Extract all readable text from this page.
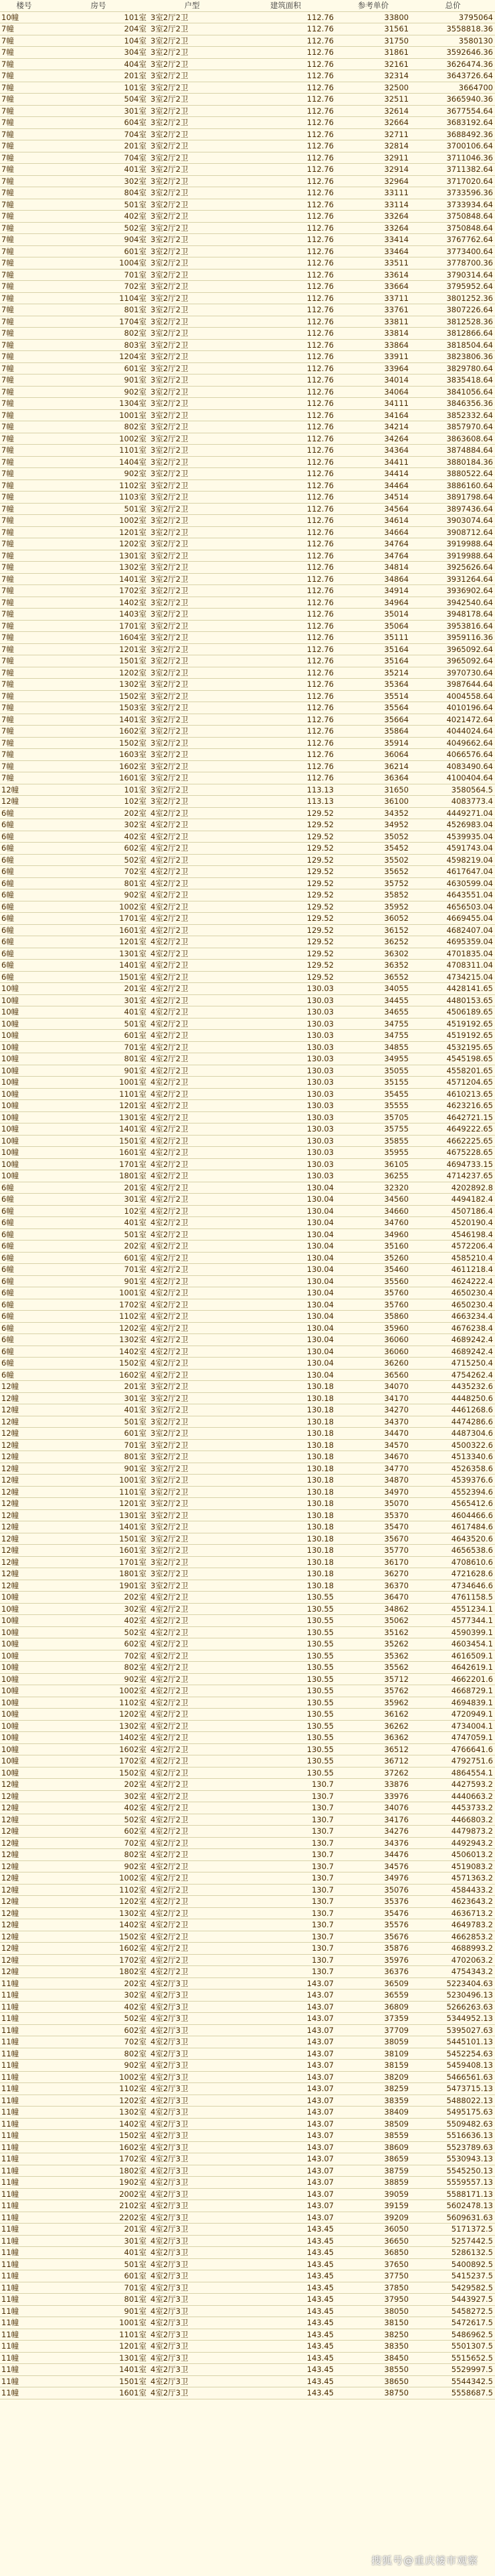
楼号	房号	户型	建筑面积	参考单价	总价
10幢	101室	3室2厅2卫	112.76	33800	3795064
7幢	204室	3室2厅2卫	112.76	31561	3558818.36
7幢	104室	3室2厅2卫	112.76	31750	3580130
7幢	304室	3室2厅2卫	112.76	31861	3592646.36
7幢	404室	3室2厅2卫	112.76	32161	3626474.36
7幢	201室	3室2厅2卫	112.76	32314	3643726.64
7幢	101室	3室2厅2卫	112.76	32500	3664700
7幢	504室	3室2厅2卫	112.76	32511	3665940.36
7幢	301室	3室2厅2卫	112.76	32614	3677554.64
7幢	604室	3室2厅2卫	112.76	32664	3683192.64
7幢	704室	3室2厅2卫	112.76	32711	3688492.36
7幢	201室	3室2厅2卫	112.76	32814	3700106.64
7幢	704室	3室2厅2卫	112.76	32911	3711046.36
7幢	401室	3室2厅2卫	112.76	32914	3711382.64
7幢	302室	3室2厅2卫	112.76	32964	3717020.64
7幢	804室	3室2厅2卫	112.76	33111	3733596.36
7幢	501室	3室2厅2卫	112.76	33114	3733934.64
7幢	402室	3室2厅2卫	112.76	33264	3750848.64
7幢	502室	3室2厅2卫	112.76	33264	3750848.64
7幢	904室	3室2厅2卫	112.76	33414	3767762.64
7幢	601室	3室2厅2卫	112.76	33464	3773400.64
7幢	1004室	3室2厅2卫	112.76	33511	3778700.36
7幢	701室	3室2厅2卫	112.76	33614	3790314.64
7幢	702室	3室2厅2卫	112.76	33664	3795952.64
7幢	1104室	3室2厅2卫	112.76	33711	3801252.36
7幢	801室	3室2厅2卫	112.76	33761	3807226.64
7幢	1704室	3室2厅2卫	112.76	33811	3812528.36
7幢	802室	3室2厅2卫	112.76	33814	3812866.64
7幢	803室	3室2厅2卫	112.76	33864	3818504.64
7幢	1204室	3室2厅2卫	112.76	33911	3823806.36
7幢	601室	3室2厅2卫	112.76	33964	3829780.64
7幢	901室	3室2厅2卫	112.76	34014	3835418.64
7幢	902室	3室2厅2卫	112.76	34064	3841056.64
7幢	1304室	3室2厅2卫	112.76	34111	3846356.36
7幢	1001室	3室2厅2卫	112.76	34164	3852332.64
7幢	802室	3室2厅2卫	112.76	34214	3857970.64
7幢	1002室	3室2厅2卫	112.76	34264	3863608.64
7幢	1101室	3室2厅2卫	112.76	34364	3874884.64
7幢	1404室	3室2厅2卫	112.76	34411	3880184.36
7幢	902室	3室2厅2卫	112.76	34414	3880522.64
7幢	1102室	3室2厅2卫	112.76	34464	3886160.64
7幢	1103室	3室2厅2卫	112.76	34514	3891798.64
7幢	501室	3室2厅2卫	112.76	34564	3897436.64
7幢	1002室	3室2厅2卫	112.76	34614	3903074.64
7幢	1201室	3室2厅2卫	112.76	34664	3908712.64
7幢	1202室	3室2厅2卫	112.76	34764	3919988.64
7幢	1301室	3室2厅2卫	112.76	34764	3919988.64
7幢	1302室	3室2厅2卫	112.76	34814	3925626.64
7幢	1401室	3室2厅2卫	112.76	34864	3931264.64
7幢	1702室	3室2厅2卫	112.76	34914	3936902.64
7幢	1402室	3室2厅2卫	112.76	34964	3942540.64
7幢	1403室	3室2厅2卫	112.76	35014	3948178.64
7幢	1701室	3室2厅2卫	112.76	35064	3953816.64
7幢	1604室	3室2厅2卫	112.76	35111	3959116.36
7幢	1201室	3室2厅2卫	112.76	35164	3965092.64
7幢	1501室	3室2厅2卫	112.76	35164	3965092.64
7幢	1202室	3室2厅2卫	112.76	35214	3970730.64
7幢	1302室	3室2厅2卫	112.76	35364	3987644.64
7幢	1502室	3室2厅2卫	112.76	35514	4004558.64
7幢	1503室	3室2厅2卫	112.76	35564	4010196.64
7幢	1401室	3室2厅2卫	112.76	35664	4021472.64
7幢	1602室	3室2厅2卫	112.76	35864	4044024.64
7幢	1502室	3室2厅2卫	112.76	35914	4049662.64
7幢	1603室	3室2厅2卫	112.76	36064	4066576.64
7幢	1602室	3室2厅2卫	112.76	36214	4083490.64
7幢	1601室	3室2厅2卫	112.76	36364	4100404.64
12幢	101室	3室2厅2卫	113.13	31650	3580564.5
12幢	102室	3室2厅2卫	113.13	36100	4083773.4
6幢	202室	4室2厅2卫	129.52	34352	4449271.04
6幢	302室	4室2厅2卫	129.52	34952	4526983.04
6幢	402室	4室2厅2卫	129.52	35052	4539935.04
6幢	602室	4室2厅2卫	129.52	35452	4591743.04
6幢	502室	4室2厅2卫	129.52	35502	4598219.04
6幢	702室	4室2厅2卫	129.52	35652	4617647.04
6幢	801室	4室2厅2卫	129.52	35752	4630599.04
6幢	902室	4室2厅2卫	129.52	35852	4643551.04
6幢	1002室	4室2厅2卫	129.52	35952	4656503.04
6幢	1701室	4室2厅2卫	129.52	36052	4669455.04
6幢	1601室	4室2厅2卫	129.52	36152	4682407.04
6幢	1201室	4室2厅2卫	129.52	36252	4695359.04
6幢	1301室	4室2厅2卫	129.52	36302	4701835.04
6幢	1401室	4室2厅2卫	129.52	36352	4708311.04
6幢	1501室	4室2厅2卫	129.52	36552	4734215.04
10幢	201室	4室2厅2卫	130.03	34055	4428141.65
10幢	301室	4室2厅2卫	130.03	34455	4480153.65
10幢	401室	4室2厅2卫	130.03	34655	4506189.65
10幢	501室	4室2厅2卫	130.03	34755	4519192.65
10幢	601室	4室2厅2卫	130.03	34755	4519192.65
10幢	701室	4室2厅2卫	130.03	34855	4532195.65
10幢	801室	4室2厅2卫	130.03	34955	4545198.65
10幢	901室	4室2厅2卫	130.03	35055	4558201.65
10幢	1001室	4室2厅2卫	130.03	35155	4571204.65
10幢	1101室	4室2厅2卫	130.03	35455	4610213.65
10幢	1201室	4室2厅2卫	130.03	35555	4623216.65
10幢	1301室	4室2厅2卫	130.03	35705	4642721.15
10幢	1401室	4室2厅2卫	130.03	35755	4649222.65
10幢	1501室	4室2厅2卫	130.03	35855	4662225.65
10幢	1601室	4室2厅2卫	130.03	35955	4675228.65
10幢	1701室	4室2厅2卫	130.03	36105	4694733.15
10幢	1801室	4室2厅2卫	130.03	36255	4714237.65
6幢	201室	4室2厅2卫	130.04	32320	4202892.8
6幢	301室	4室2厅2卫	130.04	34560	4494182.4
6幢	102室	4室2厅2卫	130.04	34660	4507186.4
6幢	401室	4室2厅2卫	130.04	34760	4520190.4
6幢	501室	4室2厅2卫	130.04	34960	4546198.4
6幢	202室	4室2厅2卫	130.04	35160	4572206.4
6幢	601室	4室2厅2卫	130.04	35260	4585210.4
6幢	701室	4室2厅2卫	130.04	35460	4611218.4
6幢	901室	4室2厅2卫	130.04	35560	4624222.4
6幢	1001室	4室2厅2卫	130.04	35760	4650230.4
6幢	1702室	4室2厅2卫	130.04	35760	4650230.4
6幢	1102室	4室2厅2卫	130.04	35860	4663234.4
6幢	1202室	4室2厅2卫	130.04	35960	4676238.4
6幢	1302室	4室2厅2卫	130.04	36060	4689242.4
6幢	1402室	4室2厅2卫	130.04	36060	4689242.4
6幢	1502室	4室2厅2卫	130.04	36260	4715250.4
6幢	1602室	4室2厅2卫	130.04	36560	4754262.4
12幢	201室	3室2厅2卫	130.18	34070	4435232.6
12幢	301室	3室2厅2卫	130.18	34170	4448250.6
12幢	401室	3室2厅2卫	130.18	34270	4461268.6
12幢	501室	3室2厅2卫	130.18	34370	4474286.6
12幢	601室	3室2厅2卫	130.18	34470	4487304.6
12幢	701室	3室2厅2卫	130.18	34570	4500322.6
12幢	801室	3室2厅2卫	130.18	34670	4513340.6
12幢	901室	3室2厅2卫	130.18	34770	4526358.6
12幢	1001室	3室2厅2卫	130.18	34870	4539376.6
12幢	1101室	3室2厅2卫	130.18	34970	4552394.6
12幢	1201室	3室2厅2卫	130.18	35070	4565412.6
12幢	1301室	3室2厅2卫	130.18	35370	4604466.6
12幢	1401室	3室2厅2卫	130.18	35470	4617484.6
12幢	1501室	3室2厅2卫	130.18	35670	4643520.6
12幢	1601室	3室2厅2卫	130.18	35770	4656538.6
12幢	1701室	3室2厅2卫	130.18	36170	4708610.6
12幢	1801室	3室2厅2卫	130.18	36270	4721628.6
12幢	1901室	3室2厅2卫	130.18	36370	4734646.6
10幢	202室	4室2厅2卫	130.55	36470	4761158.5
10幢	302室	4室2厅2卫	130.55	34862	4551234.1
10幢	402室	4室2厅2卫	130.55	35062	4577344.1
10幢	502室	4室2厅2卫	130.55	35162	4590399.1
10幢	602室	4室2厅2卫	130.55	35262	4603454.1
10幢	702室	4室2厅2卫	130.55	35362	4616509.1
10幢	802室	4室2厅2卫	130.55	35562	4642619.1
10幢	902室	4室2厅2卫	130.55	35712	4662201.6
10幢	1002室	4室2厅2卫	130.55	35762	4668729.1
10幢	1102室	4室2厅2卫	130.55	35962	4694839.1
10幢	1202室	4室2厅2卫	130.55	36162	4720949.1
10幢	1302室	4室2厅2卫	130.55	36262	4734004.1
10幢	1402室	4室2厅2卫	130.55	36362	4747059.1
10幢	1602室	4室2厅2卫	130.55	36512	4766641.6
10幢	1702室	4室2厅2卫	130.55	36712	4792751.6
10幢	1502室	4室2厅2卫	130.55	37262	4864554.1
12幢	202室	4室2厅2卫	130.7	33876	4427593.2
12幢	302室	4室2厅2卫	130.7	33976	4440663.2
12幢	402室	4室2厅2卫	130.7	34076	4453733.2
12幢	502室	4室2厅2卫	130.7	34176	4466803.2
12幢	602室	4室2厅2卫	130.7	34276	4479873.2
12幢	702室	4室2厅2卫	130.7	34376	4492943.2
12幢	802室	4室2厅2卫	130.7	34476	4506013.2
12幢	902室	4室2厅2卫	130.7	34576	4519083.2
12幢	1002室	4室2厅2卫	130.7	34976	4571363.2
12幢	1102室	4室2厅2卫	130.7	35076	4584433.2
12幢	1202室	4室2厅2卫	130.7	35376	4623643.2
12幢	1302室	4室2厅2卫	130.7	35476	4636713.2
12幢	1402室	4室2厅2卫	130.7	35576	4649783.2
12幢	1502室	4室2厅2卫	130.7	35676	4662853.2
12幢	1602室	4室2厅2卫	130.7	35876	4688993.2
12幢	1702室	4室2厅2卫	130.7	35976	4702063.2
12幢	1802室	4室2厅2卫	130.7	36376	4754343.2
11幢	202室	4室2厅3卫	143.07	36509	5223404.63
11幢	302室	4室2厅3卫	143.07	36559	5230496.13
11幢	402室	4室2厅3卫	143.07	36809	5266263.63
11幢	502室	4室2厅3卫	143.07	37359	5344952.13
11幢	602室	4室2厅3卫	143.07	37709	5395027.63
11幢	702室	4室2厅3卫	143.07	38059	5445101.13
11幢	802室	4室2厅3卫	143.07	38109	5452254.63
11幢	902室	4室2厅3卫	143.07	38159	5459408.13
11幢	1002室	4室2厅3卫	143.07	38209	5466561.63
11幢	1102室	4室2厅3卫	143.07	38259	5473715.13
11幢	1202室	4室2厅3卫	143.07	38359	5488022.13
11幢	1302室	4室2厅3卫	143.07	38409	5495175.63
11幢	1402室	4室2厅3卫	143.07	38509	5509482.63
11幢	1502室	4室2厅3卫	143.07	38559	5516636.13
11幢	1602室	4室2厅3卫	143.07	38609	5523789.63
11幢	1702室	4室2厅3卫	143.07	38659	5530943.13
11幢	1802室	4室2厅3卫	143.07	38759	5545250.13
11幢	1902室	4室2厅3卫	143.07	38859	5559557.13
11幢	2002室	4室2厅3卫	143.07	39059	5588171.13
11幢	2102室	4室2厅3卫	143.07	39159	5602478.13
11幢	2202室	4室2厅3卫	143.07	39209	5609631.63
11幢	201室	4室2厅3卫	143.45	36050	5171372.5
11幢	301室	4室2厅3卫	143.45	36650	5257442.5
11幢	401室	4室2厅3卫	143.45	36850	5286132.5
11幢	501室	4室2厅3卫	143.45	37650	5400892.5
11幢	601室	4室2厅3卫	143.45	37750	5415237.5
11幢	701室	4室2厅3卫	143.45	37850	5429582.5
11幢	801室	4室2厅3卫	143.45	37950	5443927.5
11幢	901室	4室2厅3卫	143.45	38050	5458272.5
11幢	1001室	4室2厅3卫	143.45	38150	5472617.5
11幢	1101室	4室2厅3卫	143.45	38250	5486962.5
11幢	1201室	4室2厅3卫	143.45	38350	5501307.5
11幢	1301室	4室2厅3卫	143.45	38450	5515652.5
11幢	1401室	4室2厅3卫	143.45	38550	5529997.5
11幢	1501室	4室2厅3卫	143.45	38650	5544342.5
11幢	1601室	4室2厅3卫	143.45	38750	5558687.5
搜狐号@重庆楼市观察
